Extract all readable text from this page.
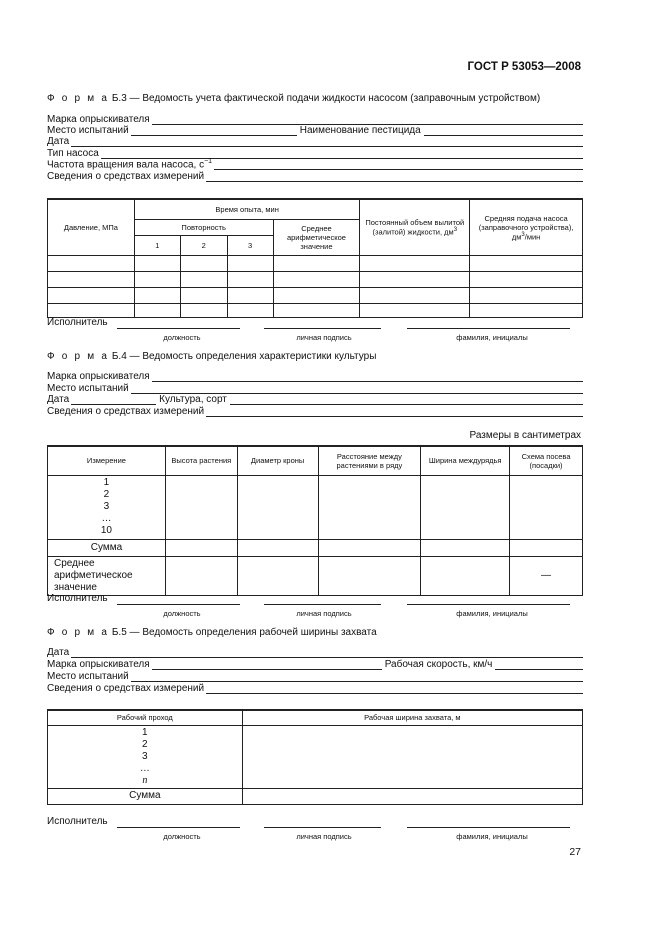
ГОСТ Р 53053—2008
Ф о р м а Б.3 — Ведомость учета фактической подачи жидкости насосом (заправочным устройством)
Марка опрыскивателя
Место испытаний	Наименование пестицида
Дата
Тип насоса
Частота вращения вала насоса, $с^{-1}$
Сведения о средствах измерений
Давление, МПа	Время опыта, мин				Постоянный объем вылитой (залитой) жидкости, $дм^3$	Средняя подача насоса (заправочного устройства), $дм^3$/мин
	Повторность			Среднее арифметическое значение		
	1	2	3			

Исполнитель
должность	личная подпись	фамилия, инициалы
Ф о р м а Б.4 — Ведомость определения характеристики культуры
Марка опрыскивателя
Место испытаний
Дата	Культура, сорт
Сведения о средствах измерений
Размеры в сантиметрах
Измерение	Высота растения	Диаметр кроны	Расстояние между растениями в ряду	Ширина междурядья	Схема посева (посадки)

1
2
3
…
10					

Сумма					
Среднее арифметическое значение					—
Исполнитель
должность	личная подпись	фамилия, инициалы
Ф о р м а Б.5 — Ведомость определения рабочей ширины захвата
Дата
Марка опрыскивателя	Рабочая скорость, км/ч
Место испытаний
Сведения о средствах измерений
Рабочий проход	Рабочая ширина захвата, м

1
2
3
…
n	

Сумма	
Исполнитель
должность	личная подпись	фамилия, инициалы
27
